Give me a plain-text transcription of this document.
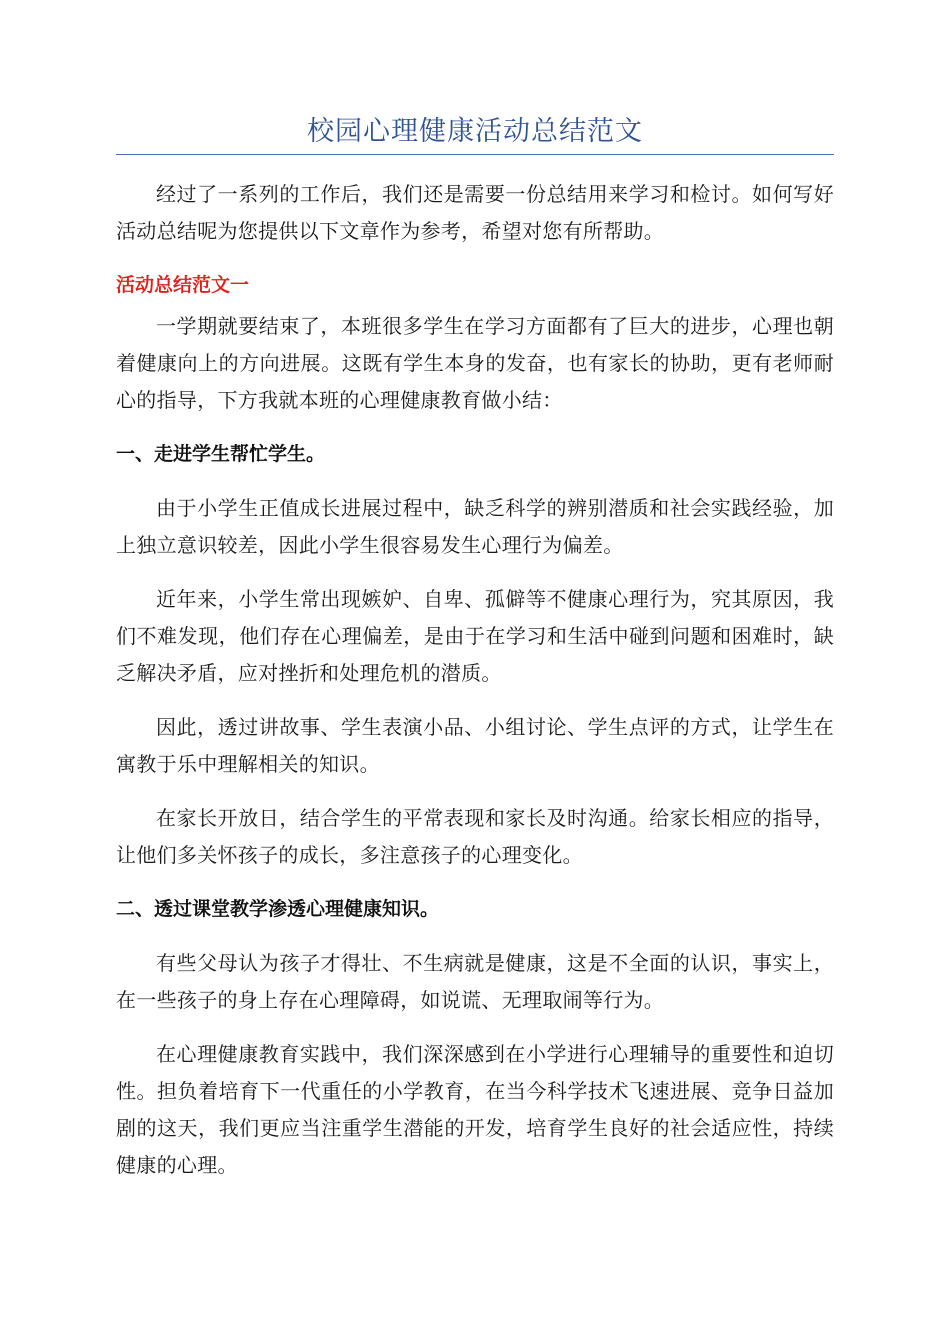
校园心理健康活动总结范文

经过了一系列的工作后，我们还是需要一份总结用来学习和检讨。如何写好活动总结呢为您提供以下文章作为参考，希望对您有所帮助。

活动总结范文一

一学期就要结束了，本班很多学生在学习方面都有了巨大的进步，心理也朝着健康向上的方向进展。这既有学生本身的发奋，也有家长的协助，更有老师耐心的指导，下方我就本班的心理健康教育做小结：

一、走进学生帮忙学生。

由于小学生正值成长进展过程中，缺乏科学的辨别潜质和社会实践经验，加上独立意识较差，因此小学生很容易发生心理行为偏差。

近年来，小学生常出现嫉妒、自卑、孤僻等不健康心理行为，究其原因，我们不难发现，他们存在心理偏差，是由于在学习和生活中碰到问题和困难时，缺乏解决矛盾，应对挫折和处理危机的潜质。

因此，透过讲故事、学生表演小品、小组讨论、学生点评的方式，让学生在寓教于乐中理解相关的知识。

在家长开放日，结合学生的平常表现和家长及时沟通。给家长相应的指导，让他们多关怀孩子的成长，多注意孩子的心理变化。

二、透过课堂教学渗透心理健康知识。

有些父母认为孩子才得壮、不生病就是健康，这是不全面的认识，事实上，在一些孩子的身上存在心理障碍，如说谎、无理取闹等行为。

在心理健康教育实践中，我们深深感到在小学进行心理辅导的重要性和迫切性。担负着培育下一代重任的小学教育，在当今科学技术飞速进展、竞争日益加剧的这天，我们更应当注重学生潜能的开发，培育学生良好的社会适应性，持续健康的心理。
